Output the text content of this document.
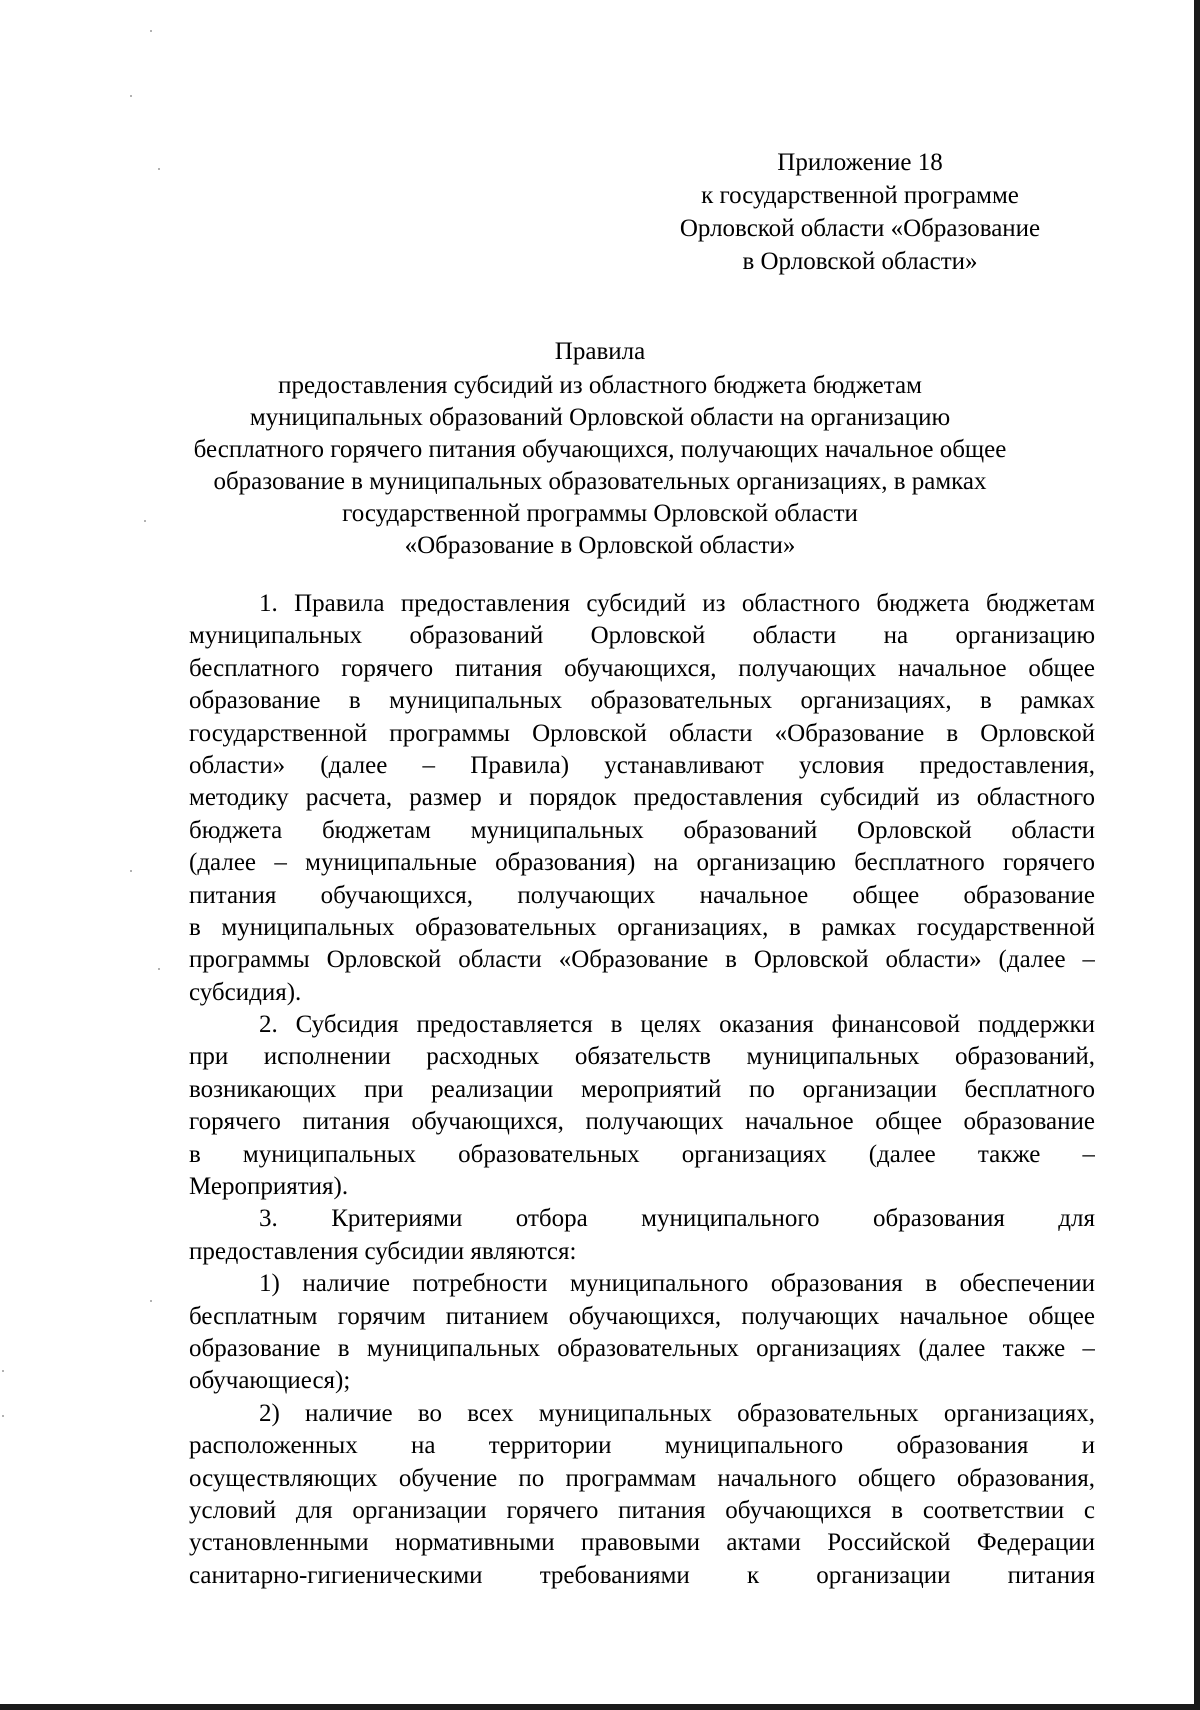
Приложение 18
к государственной программе
Орловской области «Образование
в Орловской области»
Правила
предоставления субсидий из областного бюджета бюджетам
муниципальных образований Орловской области на организацию
бесплатного горячего питания обучающихся, получающих начальное общее
образование в муниципальных образовательных организациях, в рамках
государственной программы Орловской области
«Образование в Орловской области»
1. Правила предоставления субсидий из областного бюджета бюджетам
муниципальных образований Орловской области на организацию
бесплатного горячего питания обучающихся, получающих начальное общее
образование в муниципальных образовательных организациях, в рамках
государственной программы Орловской области «Образование в Орловской
области» (далее – Правила) устанавливают условия предоставления,
методику расчета, размер и порядок предоставления субсидий из областного
бюджета бюджетам муниципальных образований Орловской области
(далее – муниципальные образования) на организацию бесплатного горячего
питания обучающихся, получающих начальное общее образование
в муниципальных образовательных организациях, в рамках государственной
программы Орловской области «Образование в Орловской области» (далее –
субсидия).
2. Субсидия предоставляется в целях оказания финансовой поддержки
при исполнении расходных обязательств муниципальных образований,
возникающих при реализации мероприятий по организации бесплатного
горячего питания обучающихся, получающих начальное общее образование
в муниципальных образовательных организациях (далее также –
Мероприятия).
3. Критериями отбора муниципального образования для
предоставления субсидии являются:
1) наличие потребности муниципального образования в обеспечении
бесплатным горячим питанием обучающихся, получающих начальное общее
образование в муниципальных образовательных организациях (далее также –
обучающиеся);
2) наличие во всех муниципальных образовательных организациях,
расположенных на территории муниципального образования и
осуществляющих обучение по программам начального общего образования,
условий для организации горячего питания обучающихся в соответствии с
установленными нормативными правовыми актами Российской Федерации
санитарно-гигиеническими требованиями к организации питания
